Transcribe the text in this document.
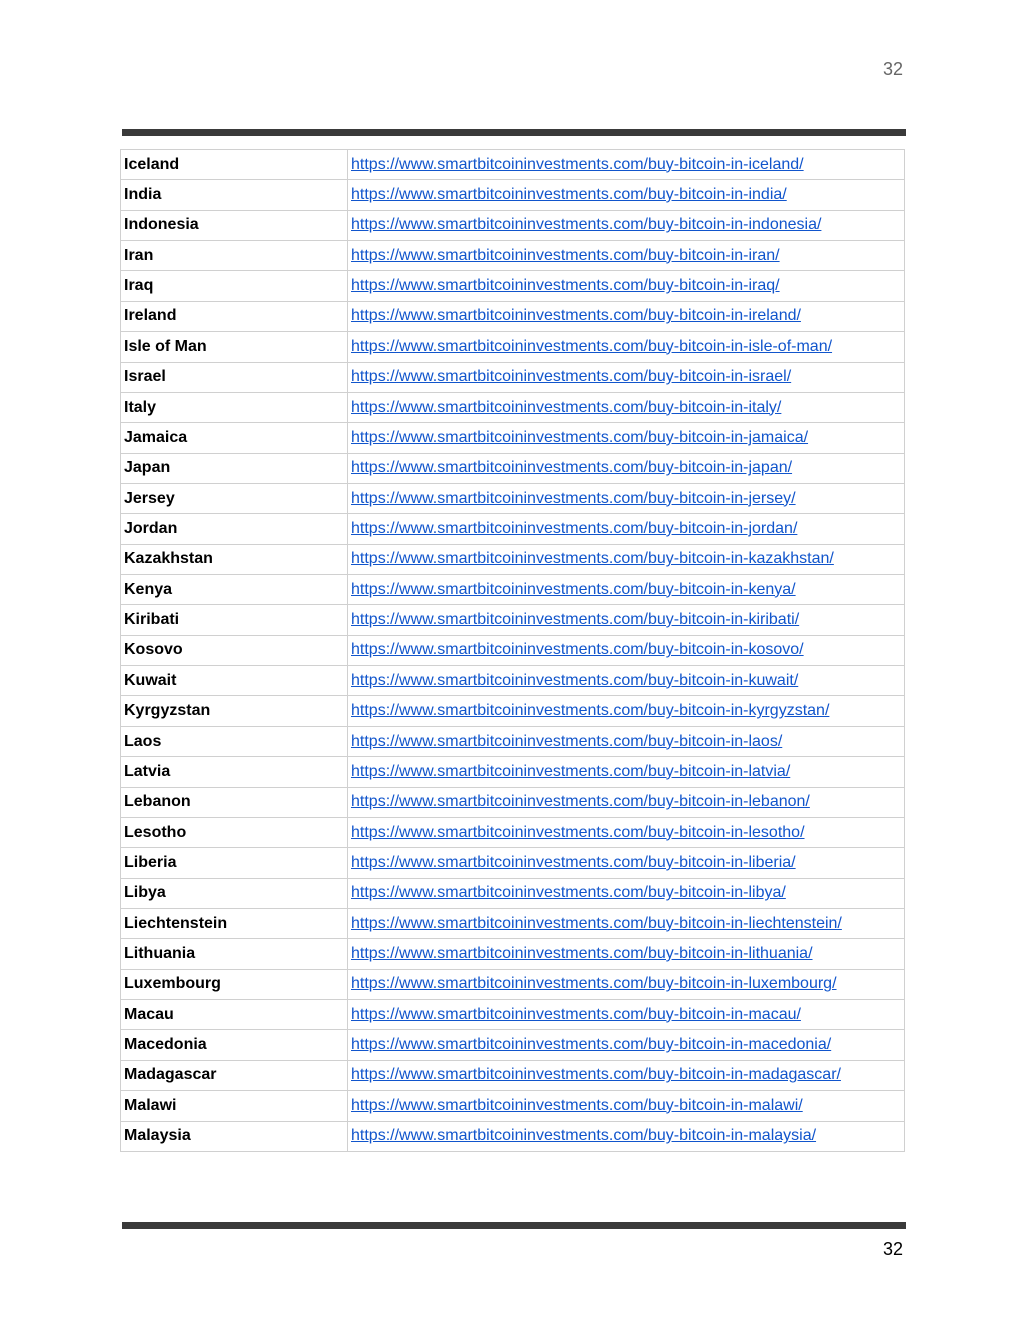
32
Iceland	https://www.smartbitcoininvestments.com/buy-bitcoin-in-iceland/
India	https://www.smartbitcoininvestments.com/buy-bitcoin-in-india/
Indonesia	https://www.smartbitcoininvestments.com/buy-bitcoin-in-indonesia/
Iran	https://www.smartbitcoininvestments.com/buy-bitcoin-in-iran/
Iraq	https://www.smartbitcoininvestments.com/buy-bitcoin-in-iraq/
Ireland	https://www.smartbitcoininvestments.com/buy-bitcoin-in-ireland/
Isle of Man	https://www.smartbitcoininvestments.com/buy-bitcoin-in-isle-of-man/
Israel	https://www.smartbitcoininvestments.com/buy-bitcoin-in-israel/
Italy	https://www.smartbitcoininvestments.com/buy-bitcoin-in-italy/
Jamaica	https://www.smartbitcoininvestments.com/buy-bitcoin-in-jamaica/
Japan	https://www.smartbitcoininvestments.com/buy-bitcoin-in-japan/
Jersey	https://www.smartbitcoininvestments.com/buy-bitcoin-in-jersey/
Jordan	https://www.smartbitcoininvestments.com/buy-bitcoin-in-jordan/
Kazakhstan	https://www.smartbitcoininvestments.com/buy-bitcoin-in-kazakhstan/
Kenya	https://www.smartbitcoininvestments.com/buy-bitcoin-in-kenya/
Kiribati	https://www.smartbitcoininvestments.com/buy-bitcoin-in-kiribati/
Kosovo	https://www.smartbitcoininvestments.com/buy-bitcoin-in-kosovo/
Kuwait	https://www.smartbitcoininvestments.com/buy-bitcoin-in-kuwait/
Kyrgyzstan	https://www.smartbitcoininvestments.com/buy-bitcoin-in-kyrgyzstan/
Laos	https://www.smartbitcoininvestments.com/buy-bitcoin-in-laos/
Latvia	https://www.smartbitcoininvestments.com/buy-bitcoin-in-latvia/
Lebanon	https://www.smartbitcoininvestments.com/buy-bitcoin-in-lebanon/
Lesotho	https://www.smartbitcoininvestments.com/buy-bitcoin-in-lesotho/
Liberia	https://www.smartbitcoininvestments.com/buy-bitcoin-in-liberia/
Libya	https://www.smartbitcoininvestments.com/buy-bitcoin-in-libya/
Liechtenstein	https://www.smartbitcoininvestments.com/buy-bitcoin-in-liechtenstein/
Lithuania	https://www.smartbitcoininvestments.com/buy-bitcoin-in-lithuania/
Luxembourg	https://www.smartbitcoininvestments.com/buy-bitcoin-in-luxembourg/
Macau	https://www.smartbitcoininvestments.com/buy-bitcoin-in-macau/
Macedonia	https://www.smartbitcoininvestments.com/buy-bitcoin-in-macedonia/
Madagascar	https://www.smartbitcoininvestments.com/buy-bitcoin-in-madagascar/
Malawi	https://www.smartbitcoininvestments.com/buy-bitcoin-in-malawi/
Malaysia	https://www.smartbitcoininvestments.com/buy-bitcoin-in-malaysia/
32
